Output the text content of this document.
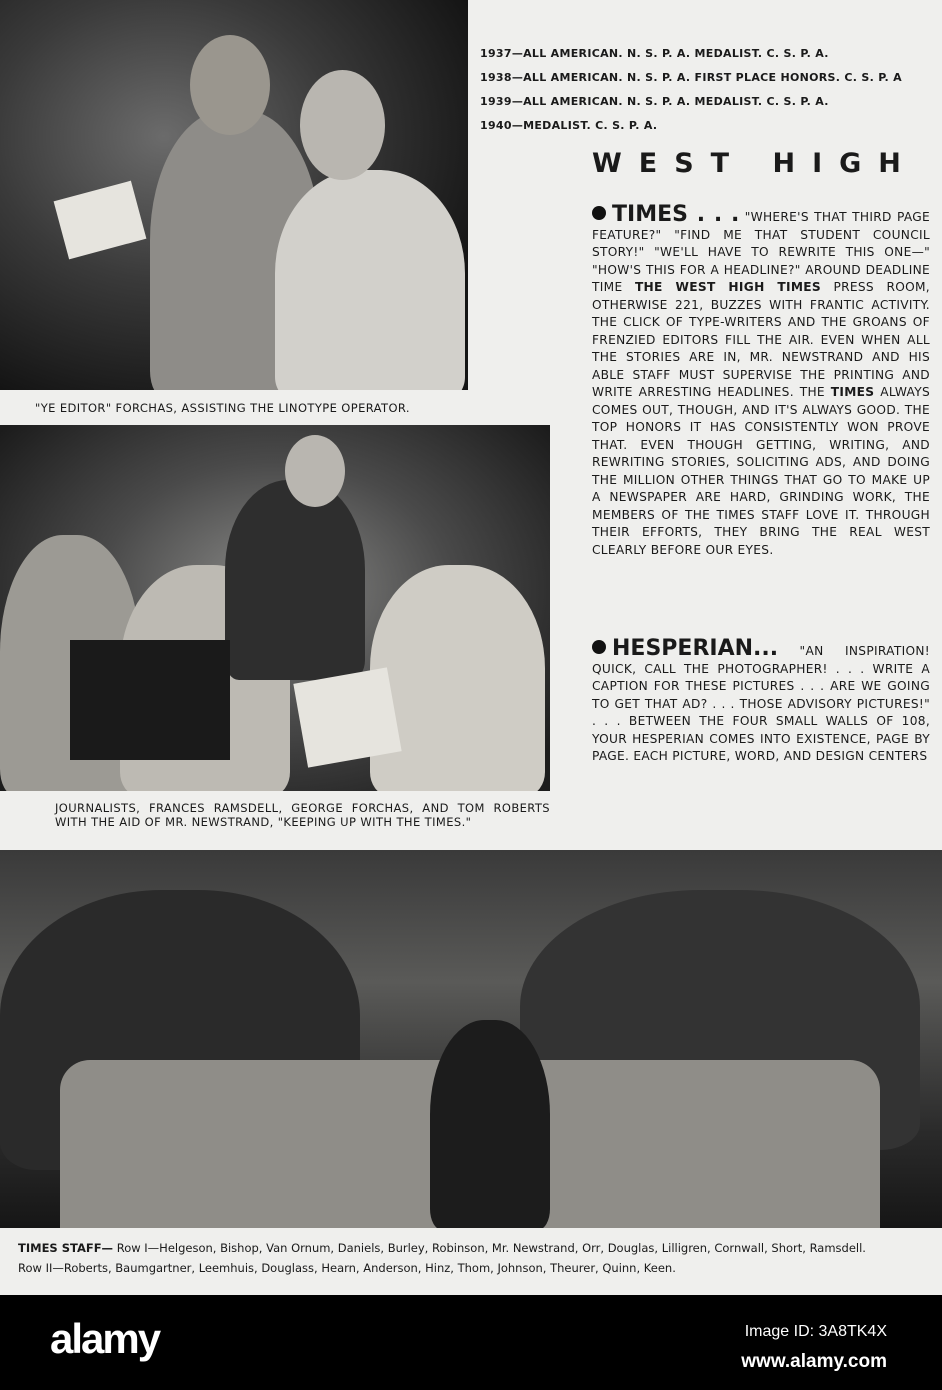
"YE EDITOR" FORCHAS, ASSISTING THE LINOTYPE OPERATOR.
JOURNALISTS, FRANCES RAMSDELL, GEORGE FORCHAS, AND TOM ROBERTS WITH THE AID OF MR. NEWSTRAND, "KEEPING UP WITH THE TIMES."
1937—ALL AMERICAN. N. S. P. A. MEDALIST. C. S. P. A.
1938—ALL AMERICAN. N. S. P. A. FIRST PLACE HONORS. C. S. P. A
1939—ALL AMERICAN. N. S. P. A. MEDALIST. C. S. P. A.
1940—MEDALIST. C. S. P. A.
WEST HIGH
TIMES . . . "WHERE'S THAT THIRD PAGE FEATURE?" "FIND ME THAT STUDENT COUNCIL STORY!" "WE'LL HAVE TO REWRITE THIS ONE—" "HOW'S THIS FOR A HEADLINE?" AROUND DEADLINE TIME THE WEST HIGH TIMES PRESS ROOM, OTHERWISE 221, BUZZES WITH FRANTIC ACTIVITY. THE CLICK OF TYPE-WRITERS AND THE GROANS OF FRENZIED EDITORS FILL THE AIR. EVEN WHEN ALL THE STORIES ARE IN, MR. NEWSTRAND AND HIS ABLE STAFF MUST SUPERVISE THE PRINTING AND WRITE ARRESTING HEADLINES. THE TIMES ALWAYS COMES OUT, THOUGH, AND IT'S ALWAYS GOOD. THE TOP HONORS IT HAS CONSISTENTLY WON PROVE THAT. EVEN THOUGH GETTING, WRITING, AND REWRITING STORIES, SOLICITING ADS, AND DOING THE MILLION OTHER THINGS THAT GO TO MAKE UP A NEWSPAPER ARE HARD, GRINDING WORK, THE MEMBERS OF THE TIMES STAFF LOVE IT. THROUGH THEIR EFFORTS, THEY BRING THE REAL WEST CLEARLY BEFORE OUR EYES.
HESPERIAN... "AN INSPIRATION! QUICK, CALL THE PHOTOGRAPHER! . . . WRITE A CAPTION FOR THESE PICTURES . . . ARE WE GOING TO GET THAT AD? . . . THOSE ADVISORY PICTURES!" . . . BETWEEN THE FOUR SMALL WALLS OF 108, YOUR HESPERIAN COMES INTO EXISTENCE, PAGE BY PAGE. EACH PICTURE, WORD, AND DESIGN CENTERS
TIMES STAFF— Row I—Helgeson, Bishop, Van Ornum, Daniels, Burley, Robinson, Mr. Newstrand, Orr, Douglas, Lilligren, Cornwall, Short, Ramsdell.
Row II—Roberts, Baumgartner, Leemhuis, Douglass, Hearn, Anderson, Hinz, Thom, Johnson, Theurer, Quinn, Keen.
alamy	Image ID: 3A8TK4X
www.alamy.com
